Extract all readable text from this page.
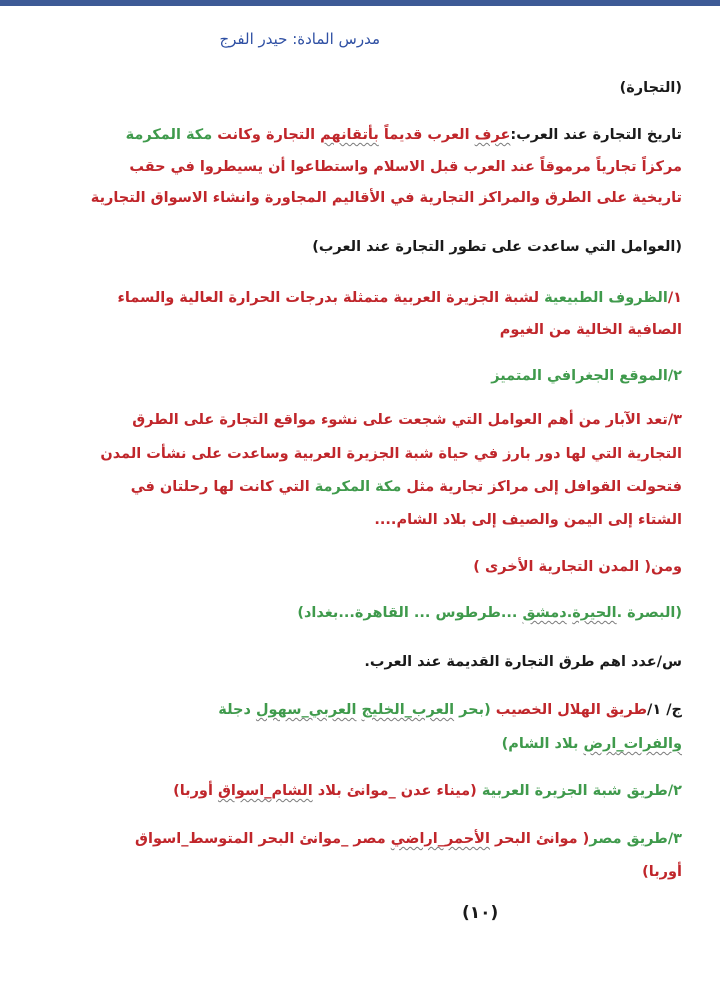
مدرس المادة: حيدر الفرج
(التجارة)
تاريخ التجارة عند العرب:عرف العرب قديماً بأتقانهم التجارة وكانت مكة المكرمة
مركزاً تجارياً مرموقاً عند العرب قبل الاسلام واستطاعوا أن يسيطروا في حقب
تاريخية على الطرق والمراكز التجارية في الأقاليم المجاورة وانشاء الاسواق التجارية
(العوامل التي ساعدت على تطور التجارة عند العرب)
١/الظروف الطبيعية لشبة الجزيرة العربية متمثلة بدرجات الحرارة العالية والسماء
الصافية الخالية من الغيوم
٢/الموقع الجغرافي المتميز
٣/تعد الآبار من أهم العوامل التي شجعت على نشوء مواقع التجارة على الطرق
التجارية التي لها دور بارز في حياة شبة الجزيرة العربية وساعدت على نشأت المدن
فتحولت القوافل إلى مراكز تجارية مثل مكة المكرمة التي كانت لها رحلتان في
الشتاء إلى اليمن والصيف إلى بلاد الشام....
ومن( المدن التجارية الأخرى )
(البصرة .الحيرة.دمشق ...طرطوس ... القاهرة...بغداد)
س/عدد اهم طرق التجارة القديمة عند العرب.
ج/ ١/طريق الهلال الخصيب (بحر العرب_الخليج العربي_سهول دجلة
والفرات_ارض بلاد الشام)
٢/طريق شبة الجزيرة العربية (ميناء عدن _موانئ بلاد الشام_اسواق أوربا)
٣/طريق مصر( موانئ البحر الأحمر_اراضي مصر _موانئ البحر المتوسط_اسواق
أوربا)
(١٠)
